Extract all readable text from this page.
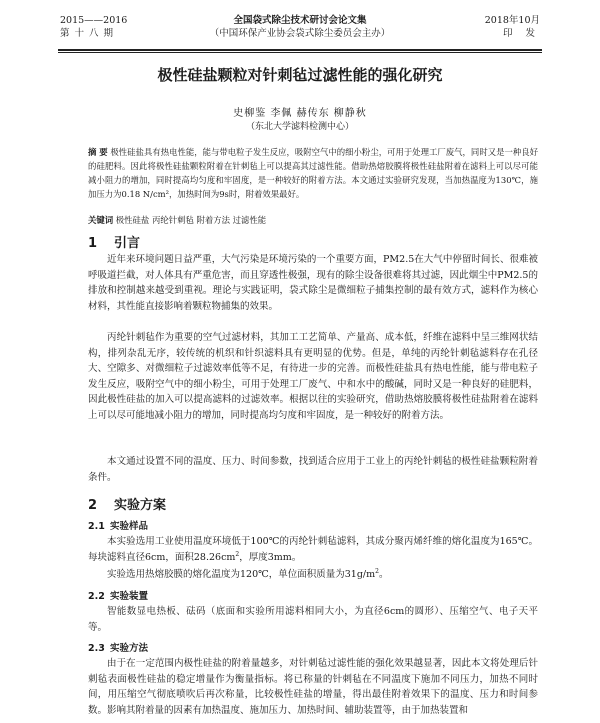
2015——2016
第十八期
全国袋式除尘技术研讨会论文集
（中国环保产业协会袋式除尘委员会主办）
2018年10月
印 发
极性硅盐颗粒对针刺毡过滤性能的强化研究
史柳鉴 李佩 赫传东 柳静秋
（东北大学滤料检测中心）
摘 要 极性硅盐具有热电性能，能与带电粒子发生反应，吸附空气中的细小粉尘，可用于处理工厂废气，同时又是一种良好的硅肥料。因此将极性硅盐颗粒附着在针刺毡上可以提高其过滤性能。借助热熔胶膜将极性硅盐附着在滤料上可以尽可能减小阻力的增加，同时提高均匀度和牢固度，是一种较好的附着方法。本文通过实验研究发现，当加热温度为130℃，施加压力为0.18 N/cm²，加热时间为9s时，附着效果最好。
关键词 极性硅盐 丙纶针刺毡 附着方法 过滤性能
1 引言
近年来环境问题日益严重，大气污染是环境污染的一个重要方面，PM2.5在大气中停留时间长、很难被呼吸道拦截，对人体具有严重危害，而且穿透性极强，现有的除尘设备很难将其过滤，因此烟尘中PM2.5的排放和控制越来越受到重视。理论与实践证明，袋式除尘是微细粒子捕集控制的最有效方式，滤料作为核心材料，其性能直接影响着颗粒物捕集的效果。
丙纶针刺毡作为重要的空气过滤材料，其加工工艺简单、产量高、成本低，纤维在滤料中呈三维网状结构，排列杂乱无序，较传统的机织和针织滤料具有更明显的优势。但是，单纯的丙纶针刺毡滤料存在孔径大、空隙多、对微细粒子过滤效率低等不足，有待进一步的完善。而极性硅盐具有热电性能，能与带电粒子发生反应，吸附空气中的细小粉尘，可用于处理工厂废气、中和水中的酸碱，同时又是一种良好的硅肥料，因此极性硅盐的加入可以提高滤料的过滤效率。根据以往的实验研究，借助热熔胶膜将极性硅盐附着在滤料上可以尽可能地减小阻力的增加，同时提高均匀度和牢固度，是一种较好的附着方法。
本文通过设置不同的温度、压力、时间参数，找到适合应用于工业上的丙纶针刺毡的极性硅盐颗粒附着条件。
2 实验方案
2.1 实验样品
本实验选用工业使用温度环境低于100℃的丙纶针刺毡滤料，其成分聚丙烯纤维的熔化温度为165℃。每块滤料直径6cm，面积$28.26cm^2$，厚度3mm。
实验选用热熔胶膜的熔化温度为120℃，单位面积质量为$31g/m^2$。
2.2 实验装置
智能数显电热板、砝码（底面和实验所用滤料相同大小，为直径6cm的圆形）、压缩空气、电子天平等。
2.3 实验方法
由于在一定范围内极性硅盐的附着量越多，对针刺毡过滤性能的强化效果越显著，因此本文将处理后针刺毡表面极性硅盐的稳定增量作为衡量指标。将已称量的针刺毡在不同温度下施加不同压力，加热不同时间，用压缩空气彻底喷吹后再次称量，比较极性硅盐的增量，得出最佳附着效果下的温度、压力和时间参数。 影响其附着量的因素有加热温度、施加压力、加热时间、辅助装置等，由于加热装置和
